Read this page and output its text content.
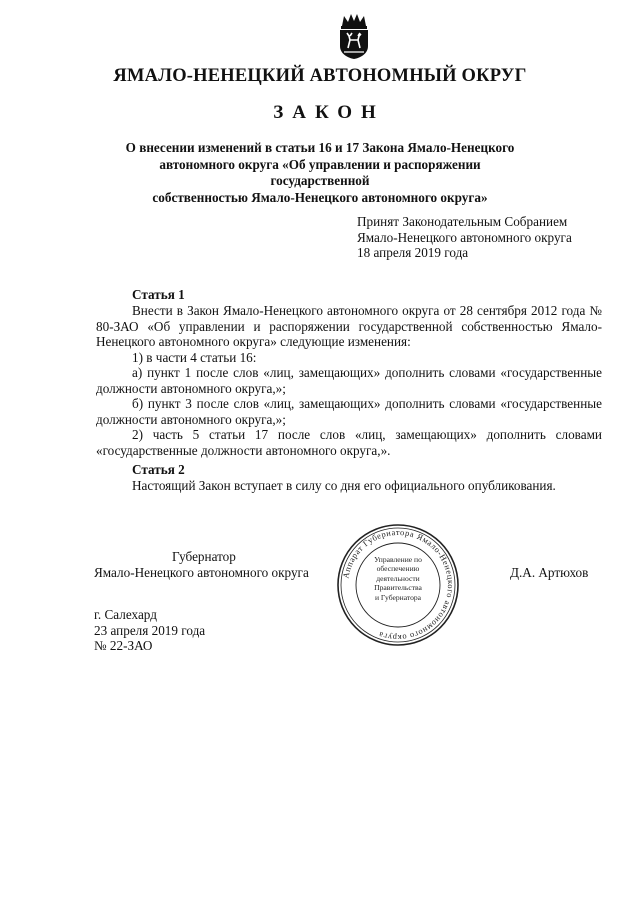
ЯМАЛО-НЕНЕЦКИЙ АВТОНОМНЫЙ ОКРУГ
ЗАКОН
О внесении изменений в статьи 16 и 17 Закона Ямало-Ненецкого
автономного округа «Об управлении и распоряжении государственной
собственностью Ямало-Ненецкого автономного округа»
Принят Законодательным Собранием
Ямало-Ненецкого автономного округа
18 апреля 2019 года
Статья 1

Внести в Закон Ямало-Ненецкого автономного округа от 28 сентября 2012 года № 80-ЗАО «Об управлении и распоряжении государственной собственностью Ямало-Ненецкого автономного округа» следующие изменения:

1) в части 4 статьи 16:

а) пункт 1 после слов «лиц, замещающих» дополнить словами «государственные должности автономного округа,»;

б) пункт 3 после слов «лиц, замещающих» дополнить словами «государственные должности автономного округа,»;

2) часть 5 статьи 17 после слов «лиц, замещающих» дополнить словами «государственные должности автономного округа,».

Статья 2

Настоящий Закон вступает в силу со дня его официального опубликования.

Губернатор
Ямало-Ненецкого автономного округа	Д.А. Артюхов
Аппарат Губернатора Ямало-Ненецкого автономного округа
Управление по
обеспечению
деятельности
Правительства
и Губернатора
г. Салехард
23 апреля 2019 года
№ 22-ЗАО
